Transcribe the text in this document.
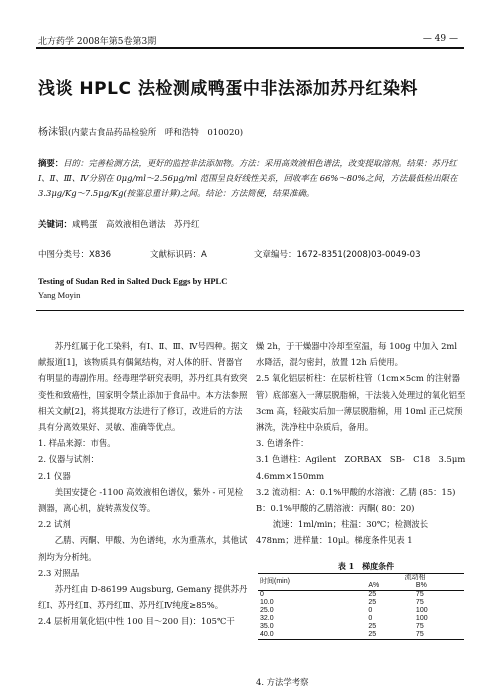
北方药学 2008年第5卷第3期	— 49 —
浅谈 HPLC 法检测咸鸭蛋中非法添加苏丹红染料
杨沫银(内蒙古食品药品检验所　呼和浩特　010020)
摘要：目的：完善检测方法，更好的监控非法添加物。方法：采用高效液相色谱法，改变提取溶剂。结果：苏丹红Ⅰ、Ⅱ、Ⅲ、Ⅳ分别在 0μg/ml～2.56μg/ml 范围呈良好线性关系，回收率在 66%～80%之间，方法最低检出限在 3.3μg/Kg～7.5μg/Kg(按鉴总重计算)之间。结论：方法简便，结果准确。
关键词：咸鸭蛋　高效液相色谱法　苏丹红
中图分类号：X836	文献标识码：A	文章编号：1672-8351(2008)03-0049-03
Testing of Sudan Red in Salted Duck Eggs by HPLC
Yang Moyin

苏丹红属于化工染料，有Ⅰ、Ⅱ、Ⅲ、Ⅳ号四种。据文献报道[1]，该物质具有偶氮结构，对人体的肝、肾器官有明显的毒副作用。经毒理学研究表明，苏丹红具有致突变性和致癌性，国家明令禁止添加于食品中。本方法参照相关文献[2]，将其提取方法进行了修订，改进后的方法具有分离效果好、灵敏、准确等优点。

1. 样品来源：市售。

2. 仪器与试剂：

2.1 仪器

美国安捷仑 -1100 高效液相色谱仪，紫外 - 可见检测器，离心机，旋转蒸发仪等。

2.2 试剂

乙腈、丙酮、甲酸、为色谱纯，水为重蒸水，其他试剂均为分析纯。

2.3 对照品

苏丹红由 D-86199 Augsburg, Gemany 提供苏丹红Ⅰ、苏丹红Ⅱ、苏丹红Ⅲ、苏丹红Ⅳ纯度≥85%。

2.4 层析用氧化铝(中性 100 目～200 目)：105℃干

燥 2h，于干燥器中冷却至室温，每 100g 中加入 2ml 水降活，混匀密封，放置 12h 后使用。

2.5 氧化铝层析柱：在层析柱管（1cm×5cm 的注射器管）底部塞入一薄层脱脂棉，干法装入处理过的氧化铝至 3cm 高，轻敲实后加一薄层脱脂棉，用 10ml 正己烷预淋洗，洗净柱中杂质后，备用。

3. 色谱条件：

3.1 色谱柱：Agilent　ZORBAX　SB-　C18　3.5μm 4.6mm×150mm

3.2 流动相：A：0.1%甲酸的水溶液：乙腈 (85：15) B：0.1%甲酸的乙腈溶液：丙酮( 80：20)

流速：1ml/min；柱温：30℃；检测波长 478nm；进样量：10μl。梯度条件见表 1

表 1　梯度条件
时间(min)	流动相	
	A%	B%
0	25	75
10.0	25	75
25.0	0	100
32.0	0	100
35.0	25	75
40.0	25	75
4. 方法学考察
